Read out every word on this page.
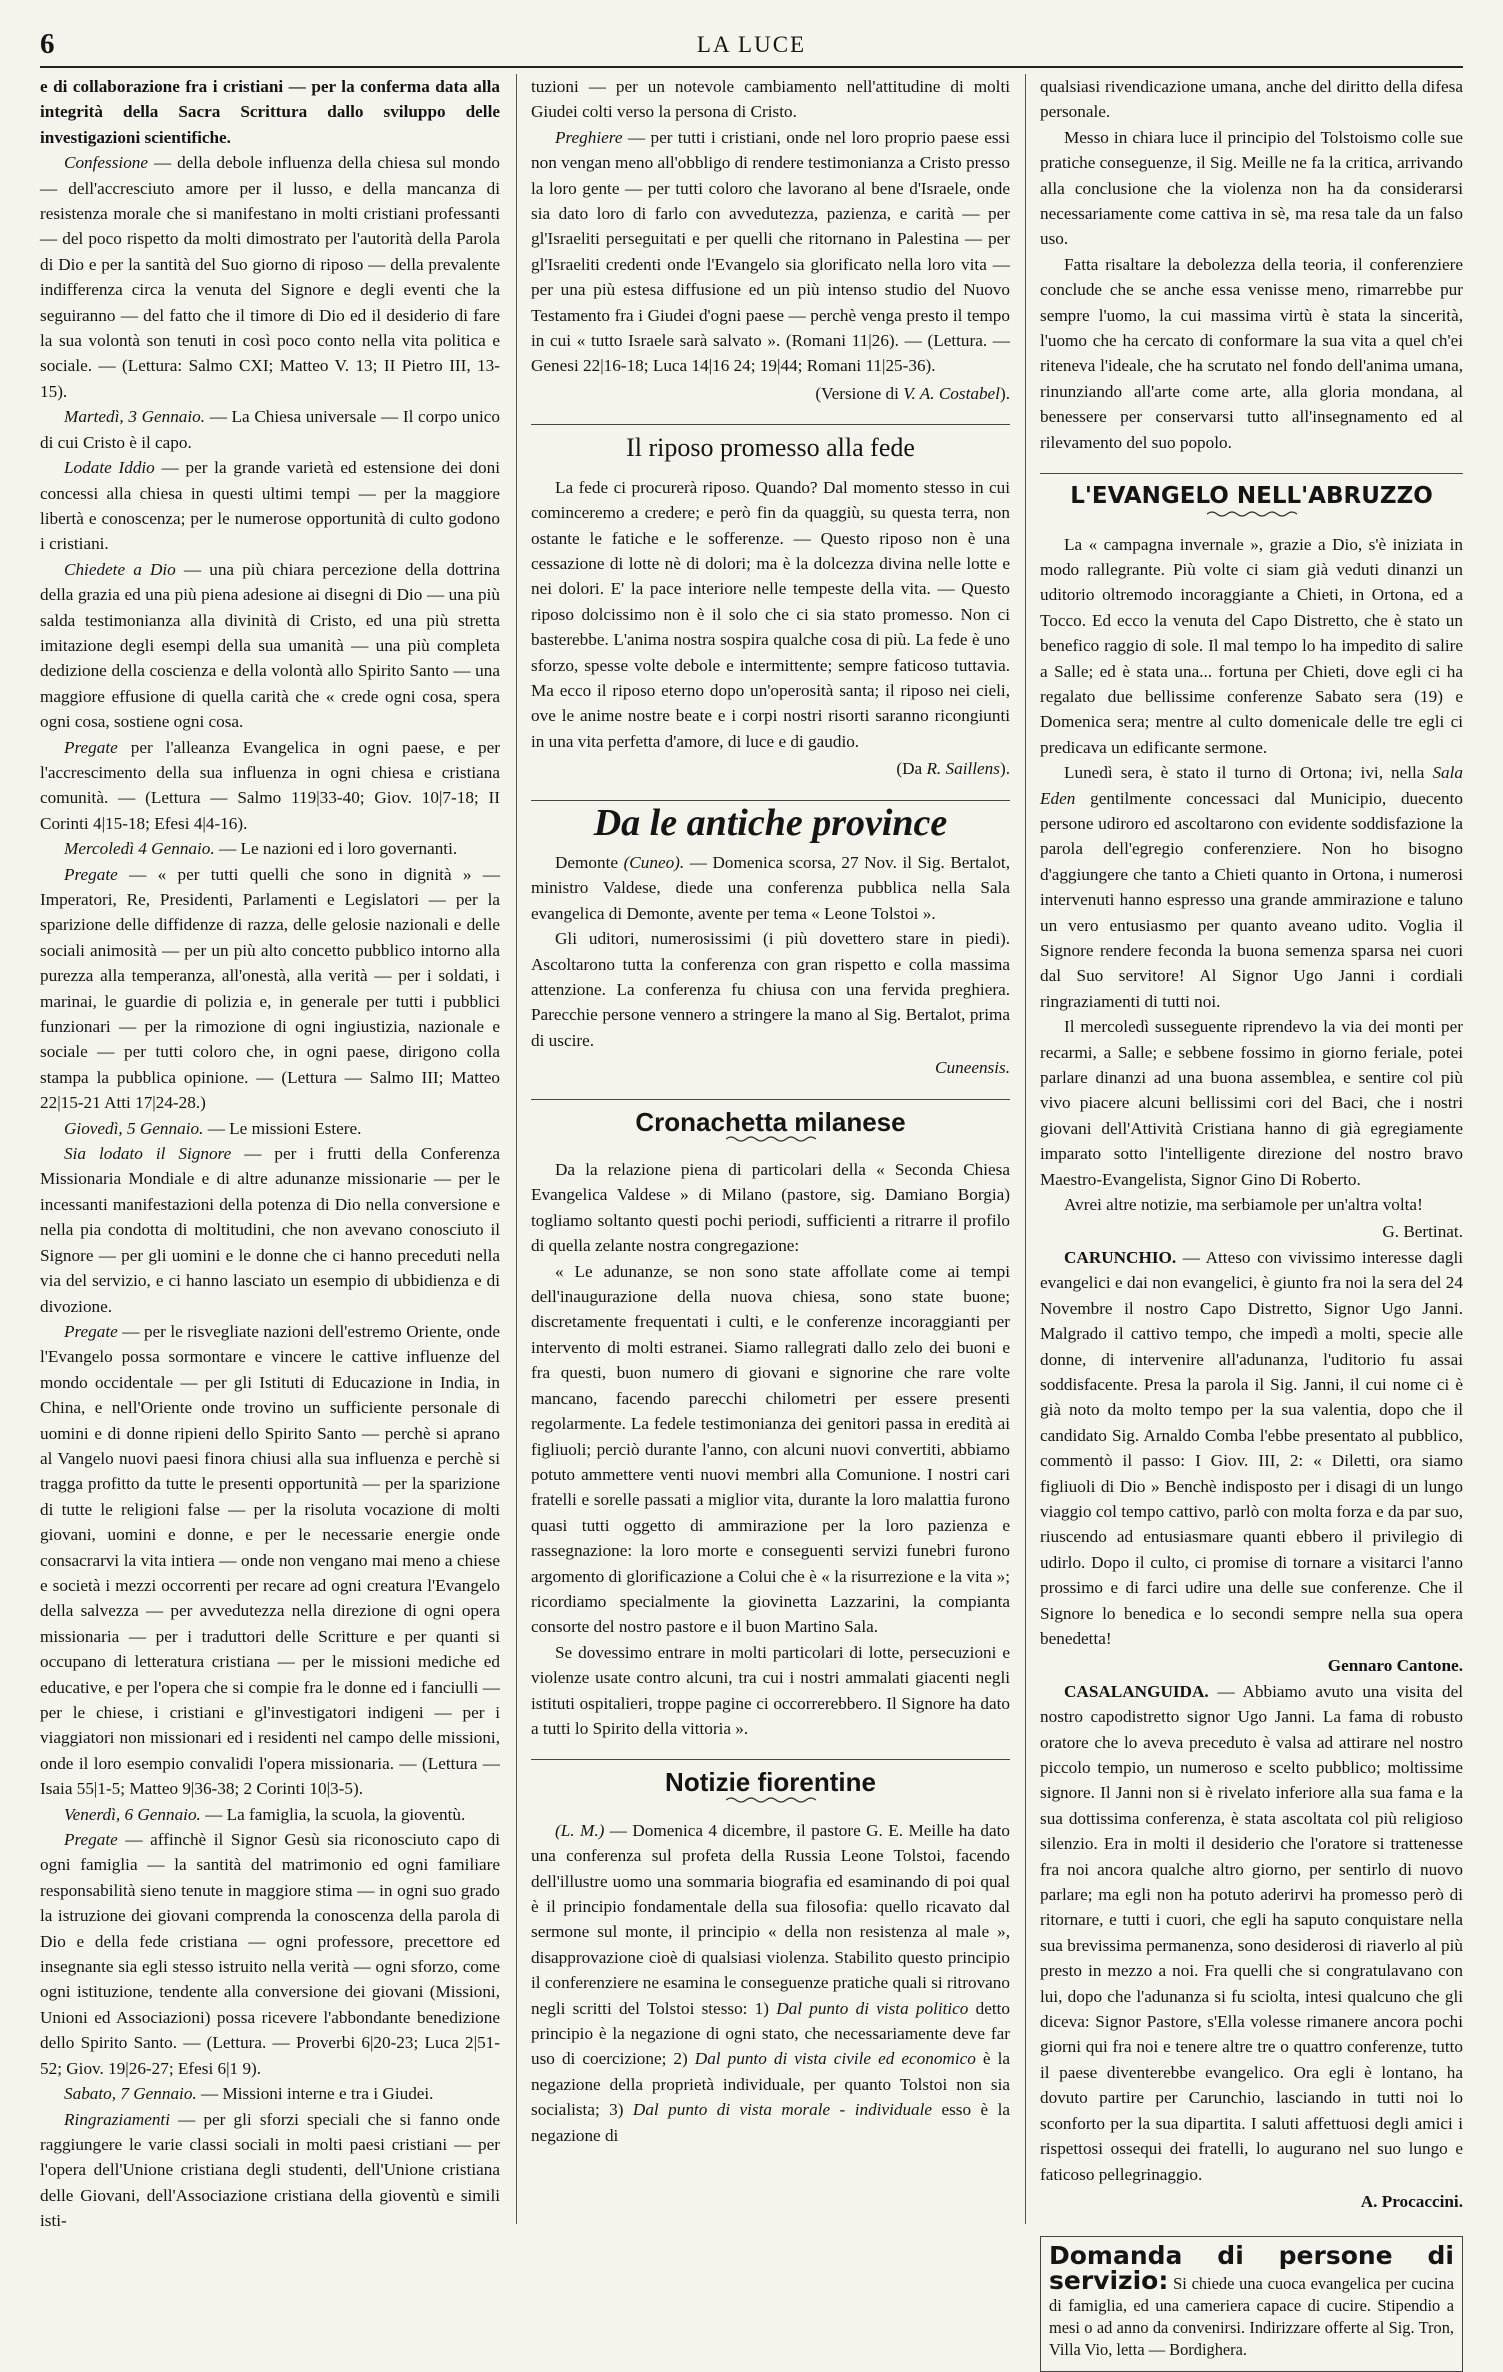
6	LA LUCE

e di collaborazione fra i cristiani — per la conferma data alla integrità della Sacra Scrittura dallo sviluppo delle investigazioni scientifiche.

Confessione — della debole influenza della chiesa sul mondo — dell'accresciuto amore per il lusso, e della mancanza di resistenza morale che si manifestano in molti cristiani professanti — del poco rispetto da molti dimostrato per l'autorità della Parola di Dio e per la santità del Suo giorno di riposo — della prevalente indifferenza circa la venuta del Signore e degli eventi che la seguiranno — del fatto che il timore di Dio ed il desiderio di fare la sua volontà son tenuti in così poco conto nella vita politica e sociale. — (Lettura: Salmo CXI; Matteo V. 13; II Pietro III, 13-15).

Martedì, 3 Gennaio. — La Chiesa universale — Il corpo unico di cui Cristo è il capo.

Lodate Iddio — per la grande varietà ed estensione dei doni concessi alla chiesa in questi ultimi tempi — per la maggiore libertà e conoscenza; per le numerose opportunità di culto godono i cristiani.

Chiedete a Dio — una più chiara percezione della dottrina della grazia ed una più piena adesione ai disegni di Dio — una più salda testimonianza alla divinità di Cristo, ed una più stretta imitazione degli esempi della sua umanità — una più completa dedizione della coscienza e della volontà allo Spirito Santo — una maggiore effusione di quella carità che « crede ogni cosa, spera ogni cosa, sostiene ogni cosa.

Pregate per l'alleanza Evangelica in ogni paese, e per l'accrescimento della sua influenza in ogni chiesa e cristiana comunità. — (Lettura — Salmo 119|33-40; Giov. 10|7-18; II Corinti 4|15-18; Efesi 4|4-16).

Mercoledì 4 Gennaio. — Le nazioni ed i loro governanti.

Pregate — « per tutti quelli che sono in dignità » — Imperatori, Re, Presidenti, Parlamenti e Legislatori — per la sparizione delle diffidenze di razza, delle gelosie nazionali e delle sociali animosità — per un più alto concetto pubblico intorno alla purezza alla temperanza, all'onestà, alla verità — per i soldati, i marinai, le guardie di polizia e, in generale per tutti i pubblici funzionari — per la rimozione di ogni ingiustizia, nazionale e sociale — per tutti coloro che, in ogni paese, dirigono colla stampa la pubblica opinione. — (Lettura — Salmo III; Matteo 22|15-21 Atti 17|24-28.)

Giovedì, 5 Gennaio. — Le missioni Estere.

Sia lodato il Signore — per i frutti della Conferenza Missionaria Mondiale e di altre adunanze missionarie — per le incessanti manifestazioni della potenza di Dio nella conversione e nella pia condotta di moltitudini, che non avevano conosciuto il Signore — per gli uomini e le donne che ci hanno preceduti nella via del servizio, e ci hanno lasciato un esempio di ubbidienza e di divozione.

Pregate — per le risvegliate nazioni dell'estremo Oriente, onde l'Evangelo possa sormontare e vincere le cattive influenze del mondo occidentale — per gli Istituti di Educazione in India, in China, e nell'Oriente onde trovino un sufficiente personale di uomini e di donne ripieni dello Spirito Santo — perchè si aprano al Vangelo nuovi paesi finora chiusi alla sua influenza e perchè si tragga profitto da tutte le presenti opportunità — per la sparizione di tutte le religioni false — per la risoluta vocazione di molti giovani, uomini e donne, e per le necessarie energie onde consacrarvi la vita intiera — onde non vengano mai meno a chiese e società i mezzi occorrenti per recare ad ogni creatura l'Evangelo della salvezza — per avvedutezza nella direzione di ogni opera missionaria — per i traduttori delle Scritture e per quanti si occupano di letteratura cristiana — per le missioni mediche ed educative, e per l'opera che si compie fra le donne ed i fanciulli — per le chiese, i cristiani e gl'investigatori indigeni — per i viaggiatori non missionari ed i residenti nel campo delle missioni, onde il loro esempio convalidi l'opera missionaria. — (Lettura — Isaia 55|1-5; Matteo 9|36-38; 2 Corinti 10|3-5).

Venerdì, 6 Gennaio. — La famiglia, la scuola, la gioventù.

Pregate — affinchè il Signor Gesù sia riconosciuto capo di ogni famiglia — la santità del matrimonio ed ogni familiare responsabilità sieno tenute in maggiore stima — in ogni suo grado la istruzione dei giovani comprenda la conoscenza della parola di Dio e della fede cristiana — ogni professore, precettore ed insegnante sia egli stesso istruito nella verità — ogni sforzo, come ogni istituzione, tendente alla conversione dei giovani (Missioni, Unioni ed Associazioni) possa ricevere l'abbondante benedizione dello Spirito Santo. — (Lettura. — Proverbi 6|20-23; Luca 2|51-52; Giov. 19|26-27; Efesi 6|1 9).

Sabato, 7 Gennaio. — Missioni interne e tra i Giudei.

Ringraziamenti — per gli sforzi speciali che si fanno onde raggiungere le varie classi sociali in molti paesi cristiani — per l'opera dell'Unione cristiana degli studenti, dell'Unione cristiana delle Giovani, dell'Associazione cristiana della gioventù e simili isti-

tuzioni — per un notevole cambiamento nell'attitudine di molti Giudei colti verso la persona di Cristo.

Preghiere — per tutti i cristiani, onde nel loro proprio paese essi non vengan meno all'obbligo di rendere testimonianza a Cristo presso la loro gente — per tutti coloro che lavorano al bene d'Israele, onde sia dato loro di farlo con avvedutezza, pazienza, e carità — per gl'Israeliti perseguitati e per quelli che ritornano in Palestina — per gl'Israeliti credenti onde l'Evangelo sia glorificato nella loro vita — per una più estesa diffusione ed un più intenso studio del Nuovo Testamento fra i Giudei d'ogni paese — perchè venga presto il tempo in cui « tutto Israele sarà salvato ». (Romani 11|26). — (Lettura. — Genesi 22|16-18; Luca 14|16 24; 19|44; Romani 11|25-36).

(Versione di V. A. Costabel).
Il riposo promesso alla fede

La fede ci procurerà riposo. Quando? Dal momento stesso in cui cominceremo a credere; e però fin da quaggiù, su questa terra, non ostante le fatiche e le sofferenze. — Questo riposo non è una cessazione di lotte nè di dolori; ma è la dolcezza divina nelle lotte e nei dolori. E' la pace interiore nelle tempeste della vita. — Questo riposo dolcissimo non è il solo che ci sia stato promesso. Non ci basterebbe. L'anima nostra sospira qualche cosa di più. La fede è uno sforzo, spesse volte debole e intermittente; sempre faticoso tuttavia. Ma ecco il riposo eterno dopo un'operosità santa; il riposo nei cieli, ove le anime nostre beate e i corpi nostri risorti saranno ricongiunti in una vita perfetta d'amore, di luce e di gaudio.

(Da R. Saillens).
Da le antiche province

Demonte (Cuneo). — Domenica scorsa, 27 Nov. il Sig. Bertalot, ministro Valdese, diede una conferenza pubblica nella Sala evangelica di Demonte, avente per tema « Leone Tolstoi ».

Gli uditori, numerosissimi (i più dovettero stare in piedi). Ascoltarono tutta la conferenza con gran rispetto e colla massima attenzione. La conferenza fu chiusa con una fervida preghiera. Parecchie persone vennero a stringere la mano al Sig. Bertalot, prima di uscire.

Cuneensis.
Cronachetta milanese

Da la relazione piena di particolari della « Seconda Chiesa Evangelica Valdese » di Milano (pastore, sig. Damiano Borgia) togliamo soltanto questi pochi periodi, sufficienti a ritrarre il profilo di quella zelante nostra congregazione:

« Le adunanze, se non sono state affollate come ai tempi dell'inaugurazione della nuova chiesa, sono state buone; discretamente frequentati i culti, e le conferenze incoraggianti per intervento di molti estranei. Siamo rallegrati dallo zelo dei buoni e fra questi, buon numero di giovani e signorine che rare volte mancano, facendo parecchi chilometri per essere presenti regolarmente. La fedele testimonianza dei genitori passa in eredità ai figliuoli; perciò durante l'anno, con alcuni nuovi convertiti, abbiamo potuto ammettere venti nuovi membri alla Comunione. I nostri cari fratelli e sorelle passati a miglior vita, durante la loro malattia furono quasi tutti oggetto di ammirazione per la loro pazienza e rassegnazione: la loro morte e conseguenti servizi funebri furono argomento di glorificazione a Colui che è « la risurrezione e la vita »; ricordiamo specialmente la giovinetta Lazzarini, la compianta consorte del nostro pastore e il buon Martino Sala.

Se dovessimo entrare in molti particolari di lotte, persecuzioni e violenze usate contro alcuni, tra cui i nostri ammalati giacenti negli istituti ospitalieri, troppe pagine ci occorrerebbero. Il Signore ha dato a tutti lo Spirito della vittoria ».

Notizie fiorentine

(L. M.) — Domenica 4 dicembre, il pastore G. E. Meille ha dato una conferenza sul profeta della Russia Leone Tolstoi, facendo dell'illustre uomo una sommaria biografia ed esaminando di poi qual è il principio fondamentale della sua filosofia: quello ricavato dal sermone sul monte, il principio « della non resistenza al male », disapprovazione cioè di qualsiasi violenza. Stabilito questo principio il conferenziere ne esamina le conseguenze pratiche quali si ritrovano negli scritti del Tolstoi stesso: 1) Dal punto di vista politico detto principio è la negazione di ogni stato, che necessariamente deve far uso di coercizione; 2) Dal punto di vista civile ed economico è la negazione della proprietà individuale, per quanto Tolstoi non sia socialista; 3) Dal punto di vista morale - individuale esso è la negazione di

qualsiasi rivendicazione umana, anche del diritto della difesa personale.

Messo in chiara luce il principio del Tolstoismo colle sue pratiche conseguenze, il Sig. Meille ne fa la critica, arrivando alla conclusione che la violenza non ha da considerarsi necessariamente come cattiva in sè, ma resa tale da un falso uso.

Fatta risaltare la debolezza della teoria, il conferenziere conclude che se anche essa venisse meno, rimarrebbe pur sempre l'uomo, la cui massima virtù è stata la sincerità, l'uomo che ha cercato di conformare la sua vita a quel ch'ei riteneva l'ideale, che ha scrutato nel fondo dell'anima umana, rinunziando all'arte come arte, alla gloria mondana, al benessere per conservarsi tutto all'insegnamento ed al rilevamento del suo popolo.

L'EVANGELO NELL'ABRUZZO

La « campagna invernale », grazie a Dio, s'è iniziata in modo rallegrante. Più volte ci siam già veduti dinanzi un uditorio oltremodo incoraggiante a Chieti, in Ortona, ed a Tocco. Ed ecco la venuta del Capo Distretto, che è stato un benefico raggio di sole. Il mal tempo lo ha impedito di salire a Salle; ed è stata una... fortuna per Chieti, dove egli ci ha regalato due bellissime conferenze Sabato sera (19) e Domenica sera; mentre al culto domenicale delle tre egli ci predicava un edificante sermone.

Lunedì sera, è stato il turno di Ortona; ivi, nella Sala Eden gentilmente concessaci dal Municipio, duecento persone udiroro ed ascoltarono con evidente soddisfazione la parola dell'egregio conferenziere. Non ho bisogno d'aggiungere che tanto a Chieti quanto in Ortona, i numerosi intervenuti hanno espresso una grande ammirazione e taluno un vero entusiasmo per quanto aveano udito. Voglia il Signore rendere feconda la buona semenza sparsa nei cuori dal Suo servitore! Al Signor Ugo Janni i cordiali ringraziamenti di tutti noi.

Il mercoledì susseguente riprendevo la via dei monti per recarmi, a Salle; e sebbene fossimo in giorno feriale, potei parlare dinanzi ad una buona assemblea, e sentire col più vivo piacere alcuni bellissimi cori del Baci, che i nostri giovani dell'Attività Cristiana hanno di già egregiamente imparato sotto l'intelligente direzione del nostro bravo Maestro-Evangelista, Signor Gino Di Roberto.

Avrei altre notizie, ma serbiamole per un'altra volta!

G. Bertinat.

CARUNCHIO. — Atteso con vivissimo interesse dagli evangelici e dai non evangelici, è giunto fra noi la sera del 24 Novembre il nostro Capo Distretto, Signor Ugo Janni. Malgrado il cattivo tempo, che impedì a molti, specie alle donne, di intervenire all'adunanza, l'uditorio fu assai soddisfacente. Presa la parola il Sig. Janni, il cui nome ci è già noto da molto tempo per la sua valentia, dopo che il candidato Sig. Arnaldo Comba l'ebbe presentato al pubblico, commentò il passo: I Giov. III, 2: « Diletti, ora siamo figliuoli di Dio » Benchè indisposto per i disagi di un lungo viaggio col tempo cattivo, parlò con molta forza e da par suo, riuscendo ad entusiasmare quanti ebbero il privilegio di udirlo. Dopo il culto, ci promise di tornare a visitarci l'anno prossimo e di farci udire una delle sue conferenze. Che il Signore lo benedica e lo secondi sempre nella sua opera benedetta!

Gennaro Cantone.

CASALANGUIDA. — Abbiamo avuto una visita del nostro capodistretto signor Ugo Janni. La fama di robusto oratore che lo aveva preceduto è valsa ad attirare nel nostro piccolo tempio, un numeroso e scelto pubblico; moltissime signore. Il Janni non si è rivelato inferiore alla sua fama e la sua dottissima conferenza, è stata ascoltata col più religioso silenzio. Era in molti il desiderio che l'oratore si trattenesse fra noi ancora qualche altro giorno, per sentirlo di nuovo parlare; ma egli non ha potuto aderirvi ha promesso però di ritornare, e tutti i cuori, che egli ha saputo conquistare nella sua brevissima permanenza, sono desiderosi di riaverlo al più presto in mezzo a noi. Fra quelli che si congratulavano con lui, dopo che l'adunanza si fu sciolta, intesi qualcuno che gli diceva: Signor Pastore, s'Ella volesse rimanere ancora pochi giorni qui fra noi e tenere altre tre o quattro conferenze, tutto il paese diventerebbe evangelico. Ora egli è lontano, ha dovuto partire per Carunchio, lasciando in tutti noi lo sconforto per la sua dipartita. I saluti affettuosi degli amici i rispettosi ossequi dei fratelli, lo augurano nel suo lungo e faticoso pellegrinaggio.

A. Procaccini.
Domanda di persone di servizio: Si chiede una cuoca evangelica per cucina di famiglia, ed una cameriera capace di cucire. Stipendio a mesi o ad anno da convenirsi. Indirizzare offerte al Sig. Tron, Villa Vio, letta — Bordighera.
